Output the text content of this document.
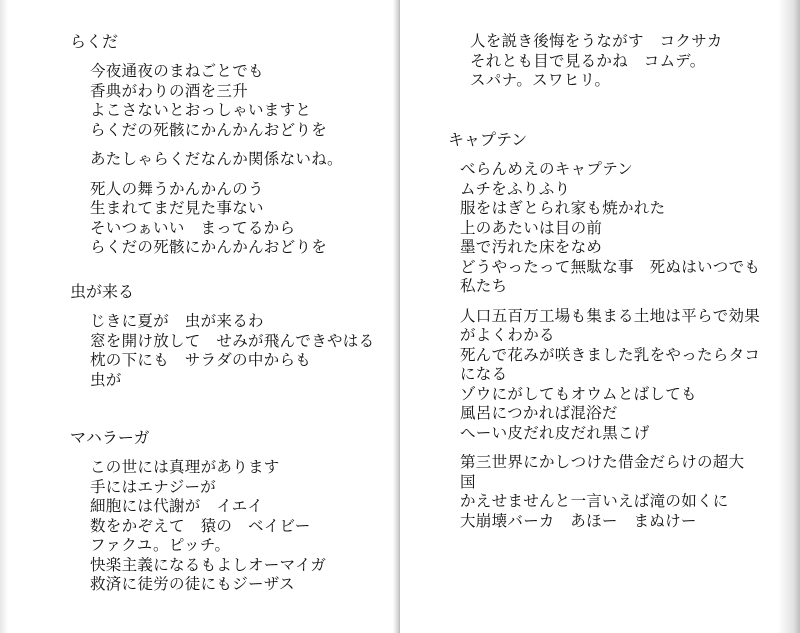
らくだ
今夜通夜のまねごとでも
香典がわりの酒を三升
よこさないとおっしゃいますと
らくだの死骸にかんかんおどりを
あたしゃらくだなんか関係ないね。
死人の舞うかんかんのう
生まれてまだ見た事ない
そいつぁいい　まってるから
らくだの死骸にかんかんおどりを
虫が来る
じきに夏が　虫が来るわ
窓を開け放して　せみが飛んできやはる
枕の下にも　サラダの中からも
虫が
マハラーガ
この世には真理があります
手にはエナジーが
細胞には代謝が　イエイ
数をかぞえて　猿の　ベイビー
ファクユ。ピッチ。
快楽主義になるもよしオーマイガ
救済に徒労の徒にもジーザス
人を説き後悔をうながす　コクサカ
それとも目で見るかね　コムデ。
スパナ。スワヒリ。
キャプテン
べらんめえのキャプテン
ムチをふりふり
服をはぎとられ家も焼かれた
上のあたいは目の前
墨で汚れた床をなめ
どうやったって無駄な事　死ぬはいつでも私たち
人口五百万工場も集まる土地は平らで効果がよくわかる
死んで花みが咲きました乳をやったらタコになる
ゾウにがしてもオウムとばしても
風呂につかれば混浴だ
へーい皮だれ皮だれ黒こげ
第三世界にかしつけた借金だらけの超大国
かえせませんと一言いえば滝の如くに
大崩壊バーカ　あほー　まぬけー
